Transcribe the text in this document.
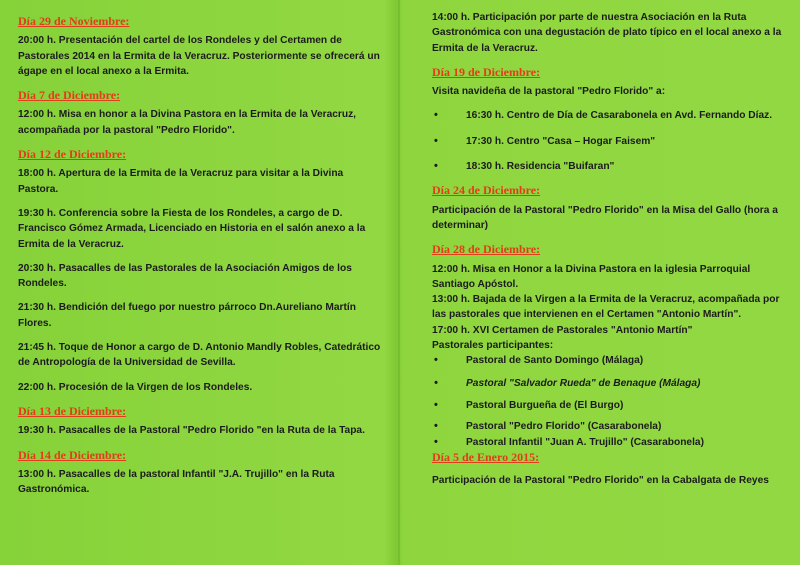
Día 29 de Noviembre:
20:00 h. Presentación del cartel de los Rondeles y del Certamen de Pastorales 2014 en la Ermita de la Veracruz. Posteriormente se ofrecerá un ágape en el local anexo a la Ermita.
Día 7 de Diciembre:
12:00 h. Misa en honor a la Divina Pastora en la Ermita de la Veracruz, acompañada por la pastoral "Pedro Florido".
Día 12 de Diciembre:
18:00 h. Apertura de la Ermita de la Veracruz para visitar a la Divina Pastora.
19:30 h. Conferencia sobre la Fiesta de los Rondeles, a cargo de D. Francisco Gómez Armada, Licenciado en Historia en el salón anexo a la Ermita de la Veracruz.
20:30 h. Pasacalles de las Pastorales de la Asociación Amigos de los Rondeles.
21:30 h. Bendición del fuego por nuestro párroco Dn.Aureliano Martín Flores.
21:45 h. Toque de Honor a cargo de D. Antonio Mandly Robles, Catedrático de Antropología de la Universidad de Sevilla.
22:00 h. Procesión de la Virgen de los Rondeles.
Día 13 de Diciembre:
19:30 h. Pasacalles de la Pastoral "Pedro Florido "en la Ruta de la Tapa.
Día 14 de Diciembre:
13:00 h. Pasacalles de la pastoral Infantil "J.A. Trujillo" en la Ruta Gastronómica.
14:00 h. Participación por parte de nuestra Asociación en la Ruta Gastronómica con una degustación de plato típico en el local anexo a la Ermita de la Veracruz.
Día 19 de Diciembre:
Visita navideña de la pastoral "Pedro Florido" a:
• 16:30 h. Centro de Día de Casarabonela en Avd. Fernando Díaz.
• 17:30 h. Centro "Casa – Hogar Faisem"
• 18:30 h. Residencia "Buifaran"
Día 24 de Diciembre:
Participación de la Pastoral "Pedro Florido" en la Misa del Gallo (hora a determinar)
Día 28 de Diciembre:
12:00 h. Misa en Honor a la Divina Pastora en la iglesia Parroquial Santiago Apóstol.
13:00 h. Bajada de la Virgen a la Ermita de la Veracruz, acompañada por las pastorales que intervienen en el Certamen "Antonio Martín".
17:00 h. XVI Certamen de Pastorales "Antonio Martín"
Pastorales participantes:
• Pastoral de Santo Domingo (Málaga)
• Pastoral "Salvador Rueda" de Benaque (Málaga)
• Pastoral Burgueña de (El Burgo)
• Pastoral "Pedro Florido" (Casarabonela)
• Pastoral Infantil "Juan A. Trujillo" (Casarabonela)
Día 5 de Enero 2015:
Participación de la Pastoral "Pedro Florido" en la Cabalgata de Reyes
